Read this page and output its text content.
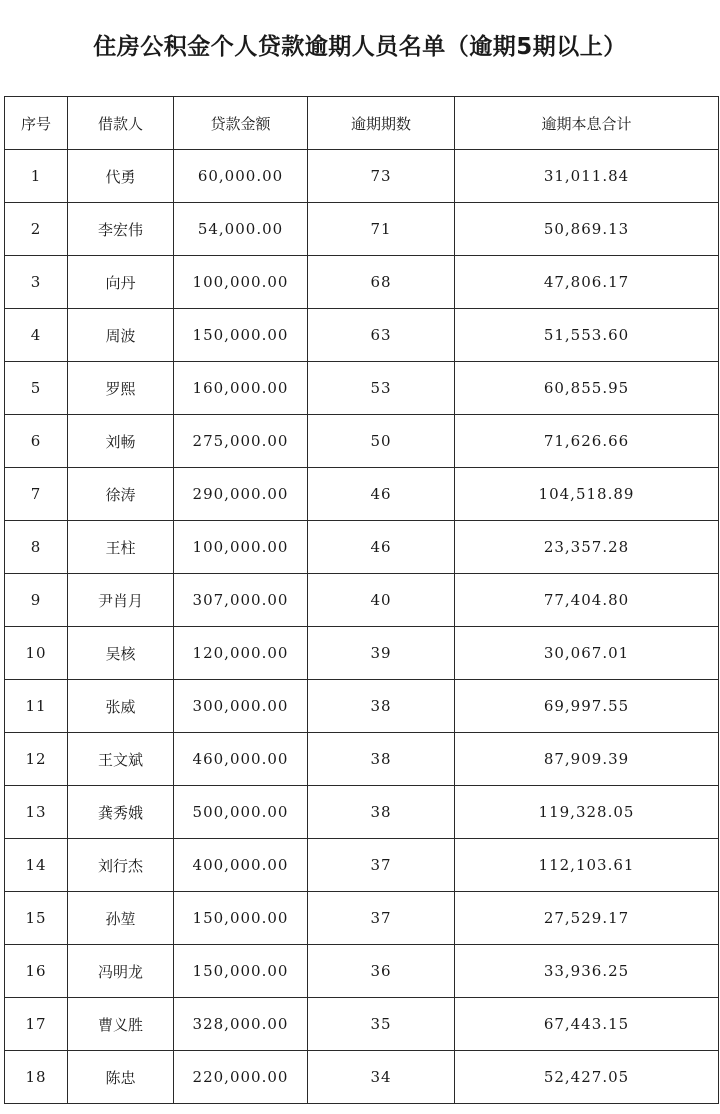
住房公积金个人贷款逾期人员名单（逾期5期以上）
序号	借款人	贷款金额	逾期期数	逾期本息合计
1	代勇	60,000.00	73	31,011.84
2	李宏伟	54,000.00	71	50,869.13
3	向丹	100,000.00	68	47,806.17
4	周波	150,000.00	63	51,553.60
5	罗熙	160,000.00	53	60,855.95
6	刘畅	275,000.00	50	71,626.66
7	徐涛	290,000.00	46	104,518.89
8	王柱	100,000.00	46	23,357.28
9	尹肖月	307,000.00	40	77,404.80
10	吴核	120,000.00	39	30,067.01
11	张威	300,000.00	38	69,997.55
12	王文斌	460,000.00	38	87,909.39
13	龚秀娥	500,000.00	38	119,328.05
14	刘行杰	400,000.00	37	112,103.61
15	孙堃	150,000.00	37	27,529.17
16	冯明龙	150,000.00	36	33,936.25
17	曹义胜	328,000.00	35	67,443.15
18	陈忠	220,000.00	34	52,427.05
